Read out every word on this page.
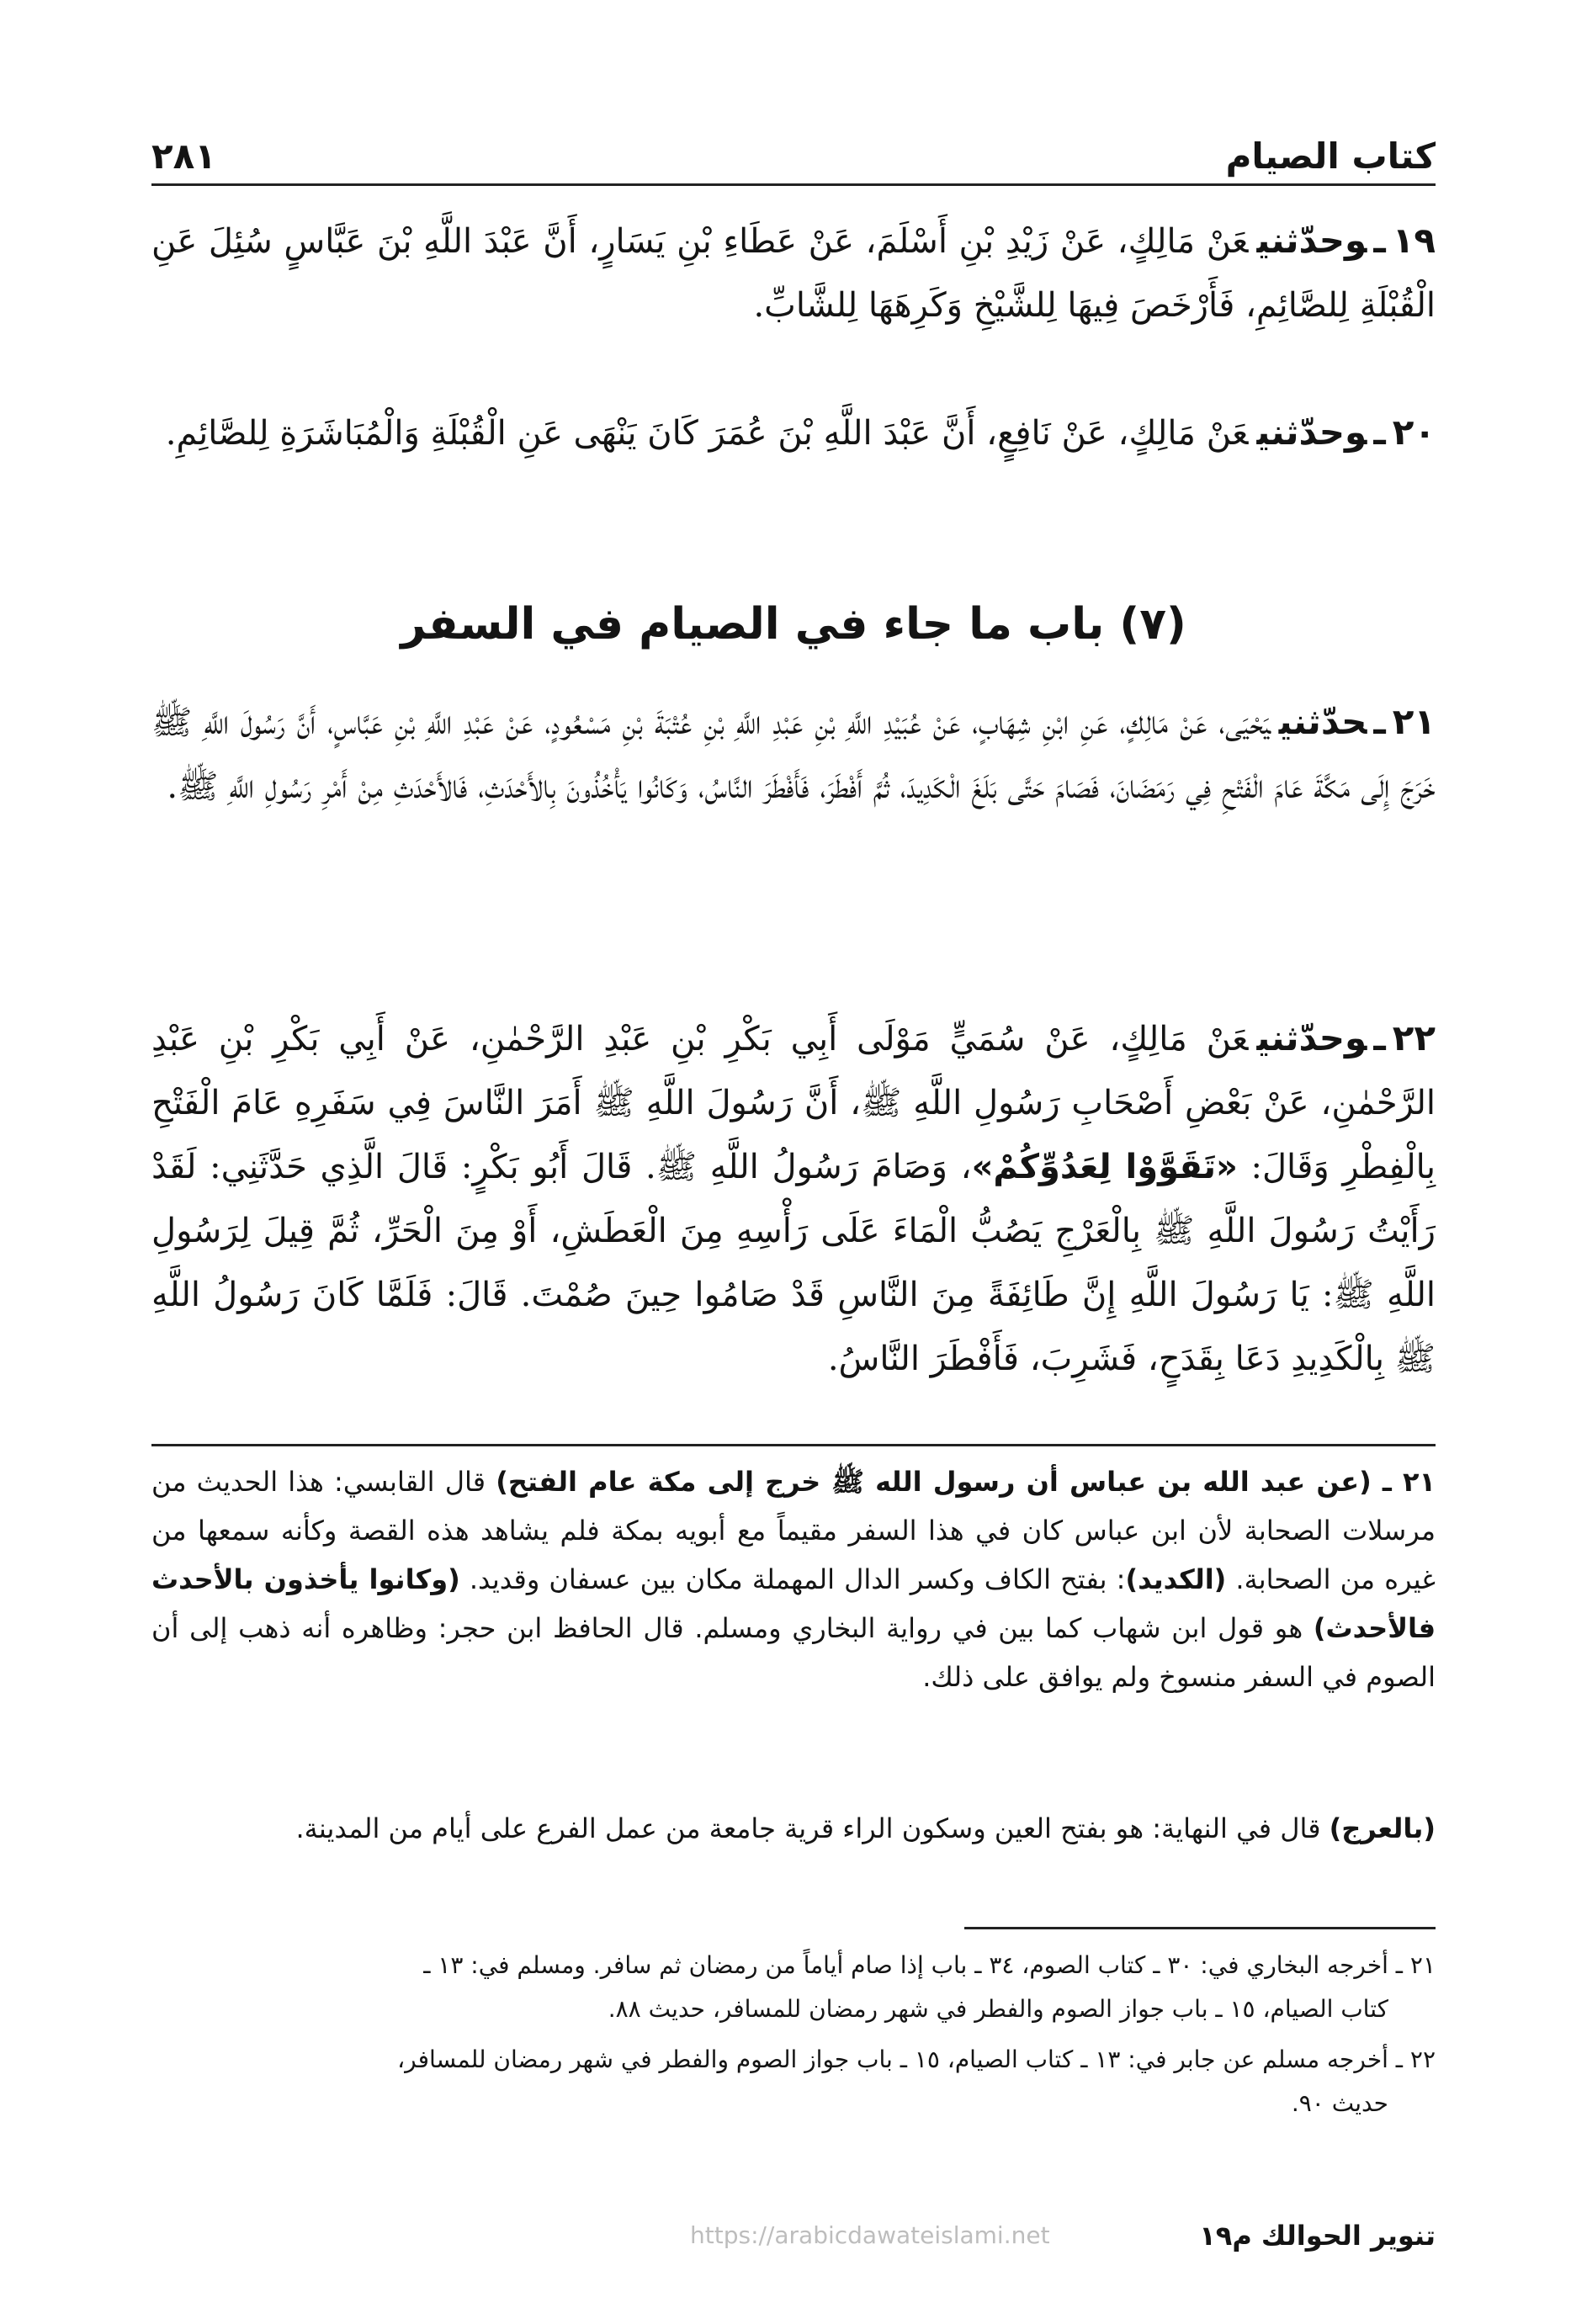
كتاب الصيام
٢٨١
١٩ـوحدّثنيعَنْ مَالِكٍ، عَنْ زَيْدِ بْنِ أَسْلَمَ، عَنْ عَطَاءِ بْنِ يَسَارٍ، أَنَّ عَبْدَ اللَّهِ بْنَ عَبَّاسٍ سُئِلَ عَنِ الْقُبْلَةِ لِلصَّائِمِ، فَأَرْخَصَ فِيهَا لِلشَّيْخِ وَكَرِهَهَا لِلشَّابِّ.
٢٠ـوحدّثنيعَنْ مَالِكٍ، عَنْ نَافِعٍ، أَنَّ عَبْدَ اللَّهِ بْنَ عُمَرَ كَانَ يَنْهَى عَنِ الْقُبْلَةِ وَالْمُبَاشَرَةِ لِلصَّائِمِ.
(٧) باب ما جاء في الصيام في السفر
٢١ـحدّثنييَحْيَى، عَنْ مَالِكٍ، عَنِ ابْنِ شِهَابٍ، عَنْ عُبَيْدِ اللَّهِ بْنِ عَبْدِ اللَّهِ بْنِ عُتْبَةَ بْنِ مَسْعُودٍ، عَنْ عَبْدِ اللَّهِ بْنِ عَبَّاسٍ، أَنَّ رَسُولَ اللَّهِ ﷺ خَرَجَ إِلَى مَكَّةَ عَامَ الْفَتْحِ فِي رَمَضَانَ، فَصَامَ حَتَّى بَلَغَ الْكَدِيدَ، ثُمَّ أَفْطَرَ، فَأَفْطَرَ النَّاسُ، وَكَانُوا يَأْخُذُونَ بِالأَحْدَثِ، فَالأَحْدَثِ مِنْ أَمْرِ رَسُولِ اللَّهِ ﷺ.
٢٢ـوحدّثنيعَنْ مَالِكٍ، عَنْ سُمَيٍّ مَوْلَى أَبِي بَكْرِ بْنِ عَبْدِ الرَّحْمٰنِ، عَنْ أَبِي بَكْرِ بْنِ عَبْدِ الرَّحْمٰنِ، عَنْ بَعْضِ أَصْحَابِ رَسُولِ اللَّهِ ﷺ، أَنَّ رَسُولَ اللَّهِ ﷺ أَمَرَ النَّاسَ فِي سَفَرِهِ عَامَ الْفَتْحِ بِالْفِطْرِ وَقَالَ: «تَقَوَّوْا لِعَدُوِّكُمْ»، وَصَامَ رَسُولُ اللَّهِ ﷺ. قَالَ أَبُو بَكْرٍ: قَالَ الَّذِي حَدَّثَنِي: لَقَدْ رَأَيْتُ رَسُولَ اللَّهِ ﷺ بِالْعَرْجِ يَصُبُّ الْمَاءَ عَلَى رَأْسِهِ مِنَ الْعَطَشِ، أَوْ مِنَ الْحَرِّ، ثُمَّ قِيلَ لِرَسُولِ اللَّهِ ﷺ: يَا رَسُولَ اللَّهِ إِنَّ طَائِفَةً مِنَ النَّاسِ قَدْ صَامُوا حِينَ صُمْتَ. قَالَ: فَلَمَّا كَانَ رَسُولُ اللَّهِ ﷺ بِالْكَدِيدِ دَعَا بِقَدَحٍ، فَشَرِبَ، فَأَفْطَرَ النَّاسُ.
٢١ ـ (عن عبد الله بن عباس أن رسول الله ﷺ خرج إلى مكة عام الفتح) قال القابسي: هذا الحديث من مرسلات الصحابة لأن ابن عباس كان في هذا السفر مقيماً مع أبويه بمكة فلم يشاهد هذه القصة وكأنه سمعها من غيره من الصحابة. (الكديد): بفتح الكاف وكسر الدال المهملة مكان بين عسفان وقديد. (وكانوا يأخذون بالأحدث فالأحدث) هو قول ابن شهاب كما بين في رواية البخاري ومسلم. قال الحافظ ابن حجر: وظاهره أنه ذهب إلى أن الصوم في السفر منسوخ ولم يوافق على ذلك.
(بالعرج) قال في النهاية: هو بفتح العين وسكون الراء قرية جامعة من عمل الفرع على أيام من المدينة.
٢١ ـ أخرجه البخاري في: ٣٠ ـ كتاب الصوم، ٣٤ ـ باب إذا صام أياماً من رمضان ثم سافر. ومسلم في: ١٣ ـ
كتاب الصيام، ١٥ ـ باب جواز الصوم والفطر في شهر رمضان للمسافر، حديث ٨٨.
٢٢ ـ أخرجه مسلم عن جابر في: ١٣ ـ كتاب الصيام، ١٥ ـ باب جواز الصوم والفطر في شهر رمضان للمسافر،
حديث ٩٠.
تنوير الحوالك م١٩
https://arabicdawateislami.net
